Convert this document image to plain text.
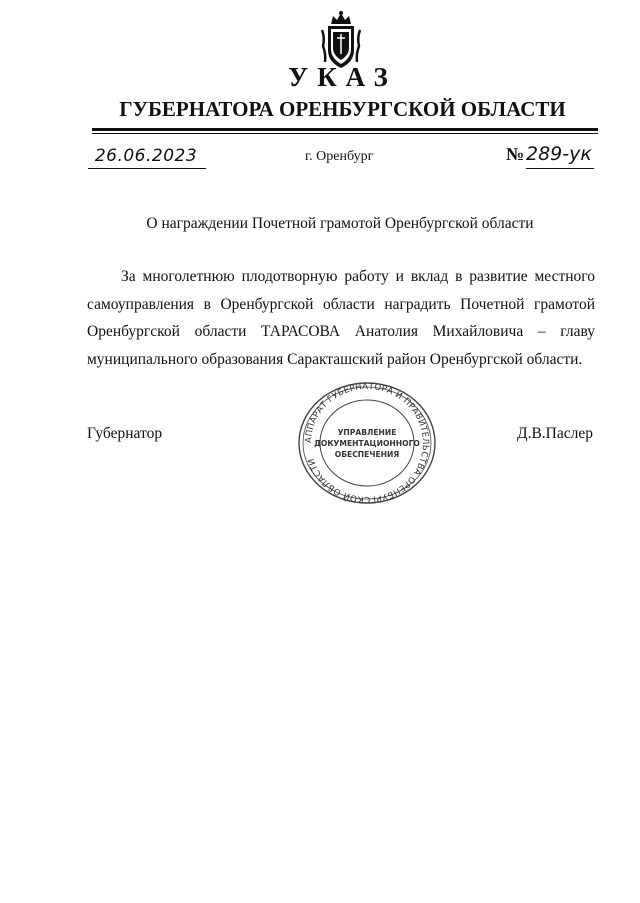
УКАЗ
ГУБЕРНАТОРА ОРЕНБУРГСКОЙ ОБЛАСТИ
26.06.2023	г. Оренбург	№ 289-ук
О награждении Почетной грамотой Оренбургской области

За многолетнюю плодотворную работу и вклад в развитие местного самоуправления в Оренбургской области наградить Почетной грамотой Оренбургской области ТАРАСОВА Анатолия Михайловича – главу муниципального образования Саракташский район Оренбургской области.

Губернатор	Д.В.Паслер
АППАРАТ ГУБЕРНАТОРА И ПРАВИТЕЛЬСТВА ОРЕНБУРГСКОЙ ОБЛАСТИ
УПРАВЛЕНИЕ
ДОКУМЕНТАЦИОННОГО
ОБЕСПЕЧЕНИЯ
